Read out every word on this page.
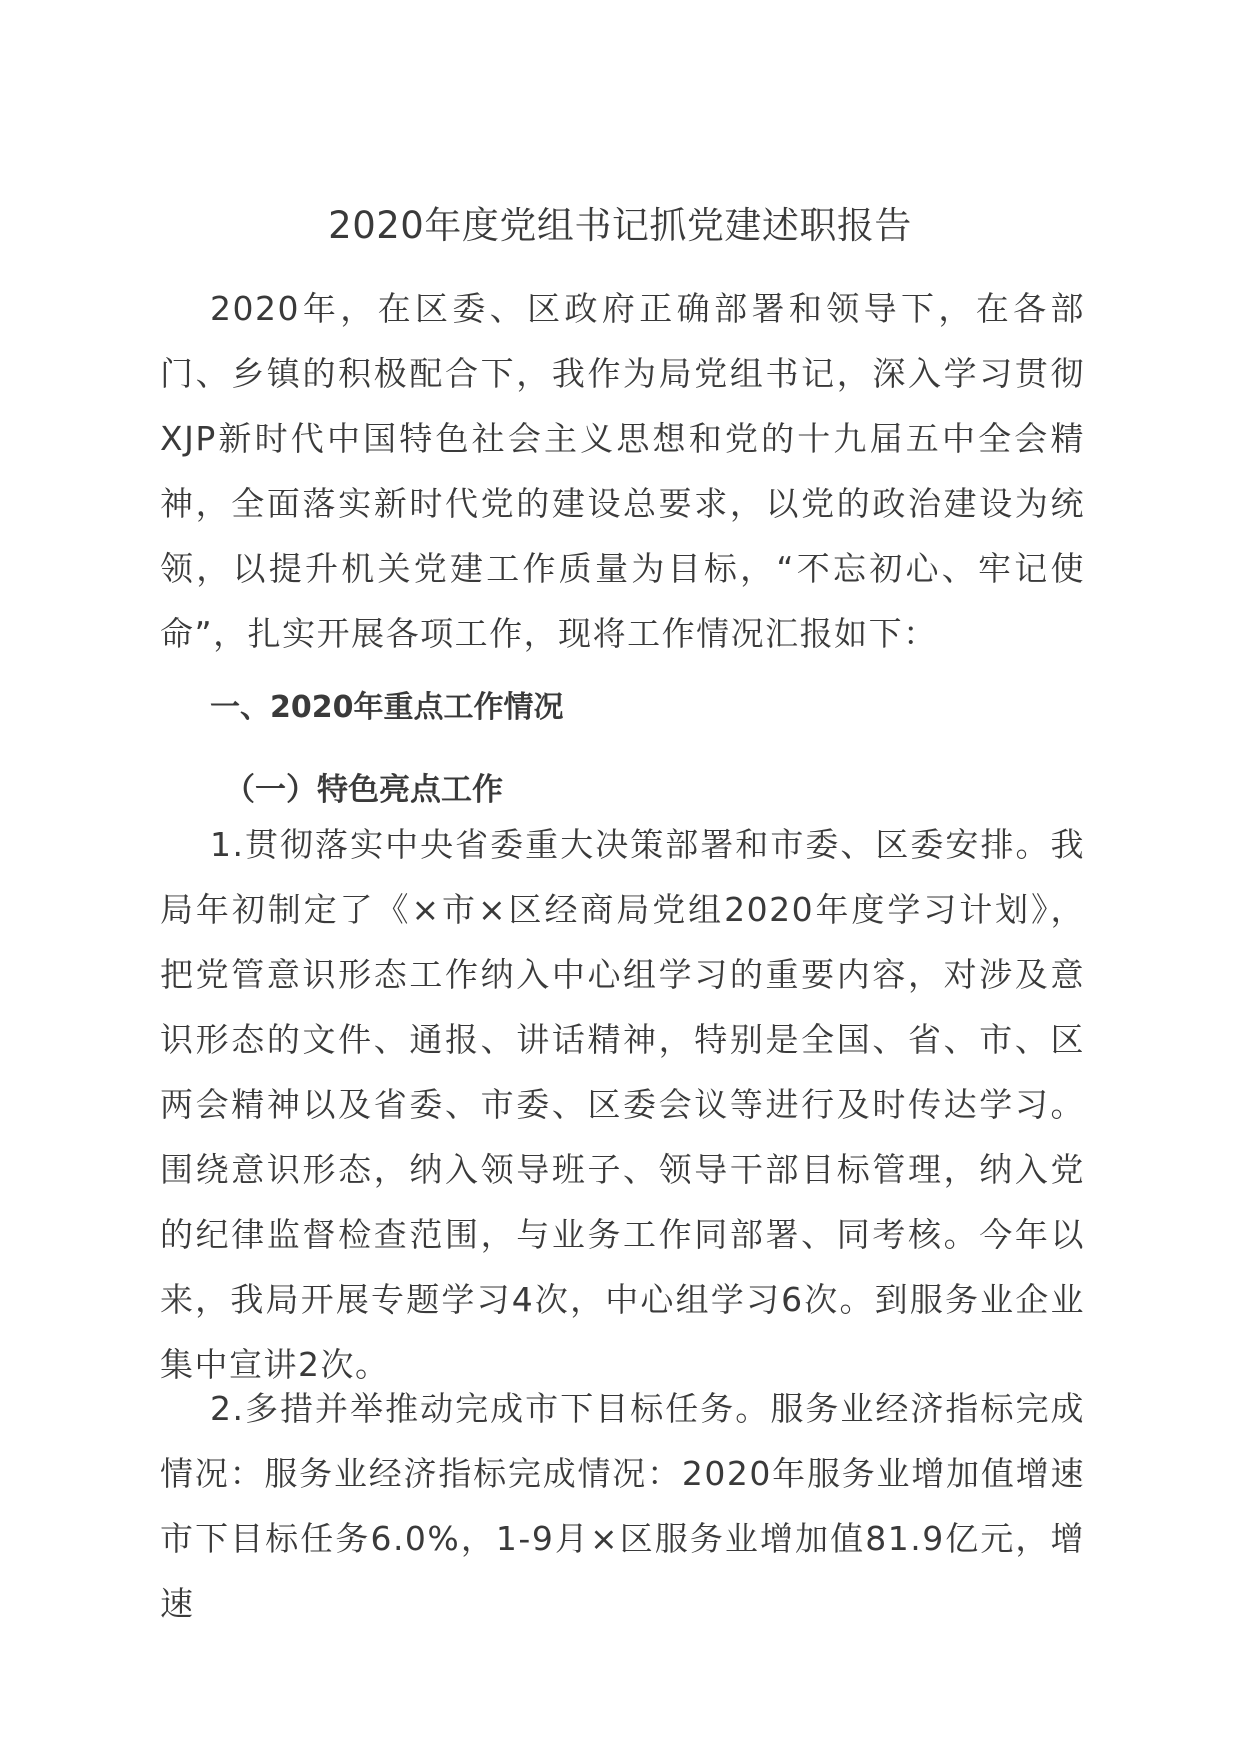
2020年度党组书记抓党建述职报告

2020年，在区委、区政府正确部署和领导下，在各部门、乡镇的积极配合下，我作为局党组书记，深入学习贯彻XJP新时代中国特色社会主义思想和党的十九届五中全会精神，全面落实新时代党的建设总要求，以党的政治建设为统领，以提升机关党建工作质量为目标，“不忘初心、牢记使命”，扎实开展各项工作，现将工作情况汇报如下：

一、2020年重点工作情况
（一）特色亮点工作

1.贯彻落实中央省委重大决策部署和市委、区委安排。我局年初制定了《×市×区经商局党组2020年度学习计划》，把党管意识形态工作纳入中心组学习的重要内容，对涉及意识形态的文件、通报、讲话精神，特别是全国、省、市、区两会精神以及省委、市委、区委会议等进行及时传达学习。围绕意识形态，纳入领导班子、领导干部目标管理，纳入党的纪律监督检查范围，与业务工作同部署、同考核。今年以来，我局开展专题学习4次，中心组学习6次。到服务业企业集中宣讲2次。

2.多措并举推动完成市下目标任务。服务业经济指标完成情况：服务业经济指标完成情况：2020年服务业增加值增速市下目标任务6.0%，1-9月×区服务业增加值81.9亿元，增速
